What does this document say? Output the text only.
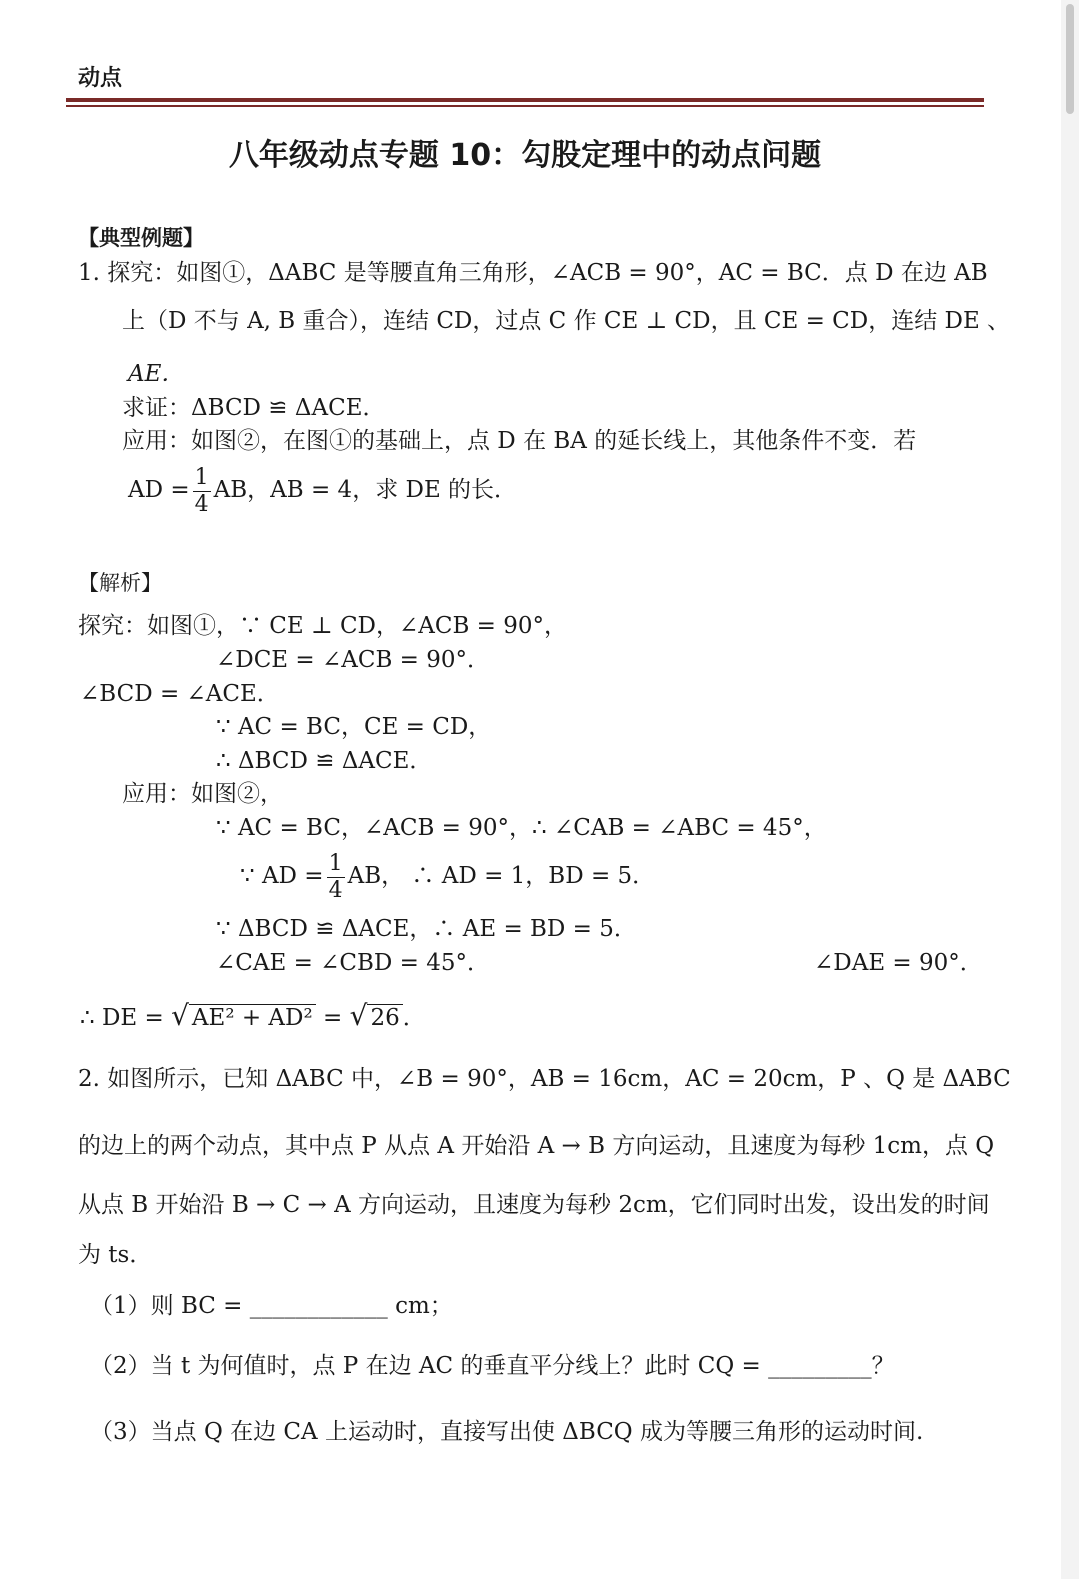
动点
八年级动点专题 10：勾股定理中的动点问题
【典型例题】
1. 探究：如图①，ΔABC 是等腰直角三角形，∠ACB = 90°，AC = BC．点 D 在边 AB
上（D 不与 A, B 重合），连结 CD，过点 C 作 CE ⊥ CD，且 CE = CD，连结 DE 、
AE．
求证：ΔBCD ≌ ΔACE．
应用：如图②，在图①的基础上，点 D 在 BA 的延长线上，其他条件不变．若
AD = $\frac{1}{4}$ AB，AB = 4，求 DE 的长．
【解析】
探究：如图①，∵ CE ⊥ CD，∠ACB = 90°，
∠DCE = ∠ACB = 90°．
∠BCD = ∠ACE．
∵ AC = BC，CE = CD，
∴ ΔBCD ≌ ΔACE．
应用：如图②，
∵ AC = BC，∠ACB = 90°，∴ ∠CAB = ∠ABC = 45°，
∵ AD = $\frac{1}{4}$ AB， ∴ AD = 1，BD = 5．
∵ ΔBCD ≌ ΔACE，∴ AE = BD = 5．
∠CAE = ∠CBD = 45°．	∠DAE = 90°．
∴ DE = √ AE² + AD² = √ 26 ．
2. 如图所示，已知 ΔABC 中，∠B = 90°，AB = 16cm，AC = 20cm，P 、Q 是 ΔABC
的边上的两个动点，其中点 P 从点 A 开始沿 A → B 方向运动，且速度为每秒 1cm，点 Q
从点 B 开始沿 B → C → A 方向运动，且速度为每秒 2cm，它们同时出发，设出发的时间
为 ts．
（1）则 BC = ____________ cm；
（2）当 t 为何值时，点 P 在边 AC 的垂直平分线上？此时 CQ = _________？
（3）当点 Q 在边 CA 上运动时，直接写出使 ΔBCQ 成为等腰三角形的运动时间.
